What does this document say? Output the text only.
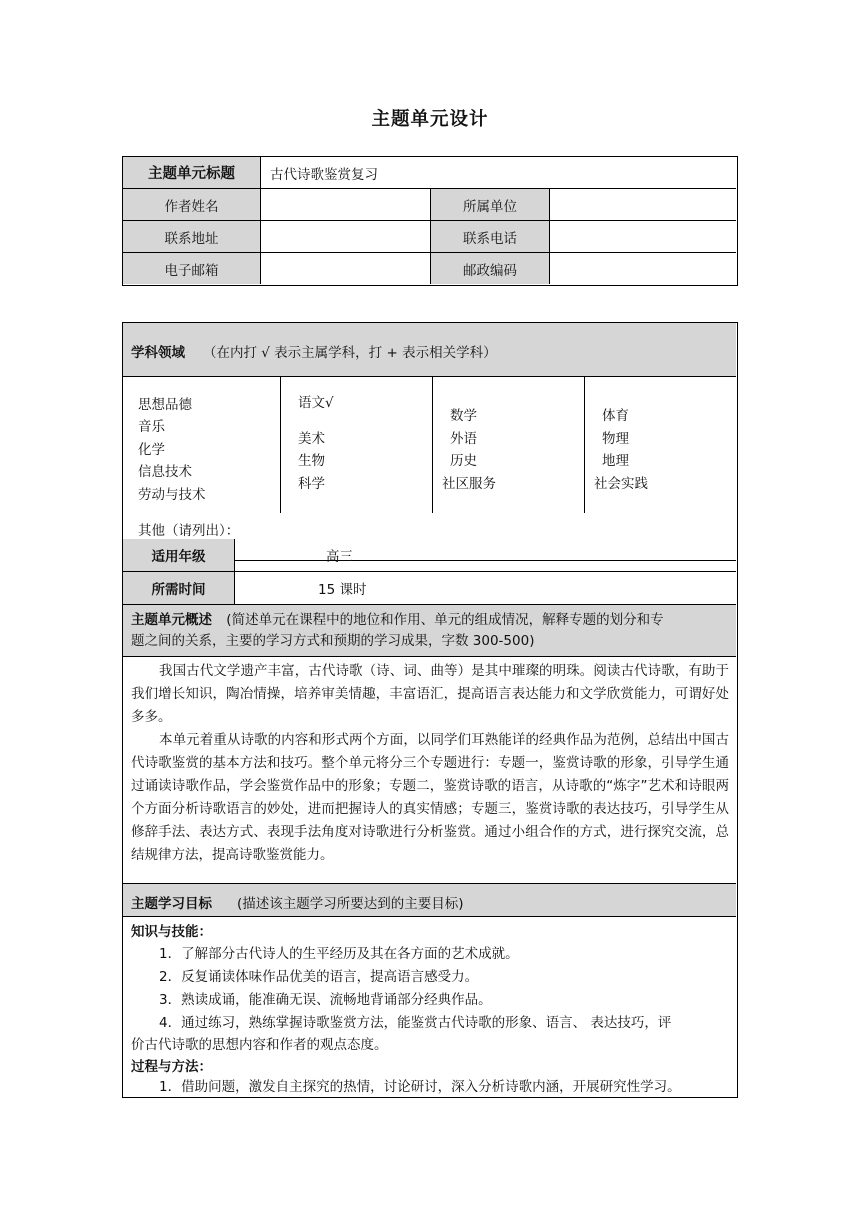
主题单元设计
主题单元标题	古代诗歌鉴赏复习
作者姓名	所属单位
联系地址	联系电话
电子邮箱	邮政编码
学科领域 （在内打 √ 表示主属学科，打 + 表示相关学科）
思想品德
音乐
化学
信息技术
劳动与技术
语文√
美术
生物
科学
数学
外语
历史
社区服务
体育
物理
地理
社会实践
其他（请列出）：
适用年级	高三
所需时间	15 课时
主题单元概述 (简述单元在课程中的地位和作用、单元的组成情况，解释专题的划分和专
题之间的关系，主要的学习方式和预期的学习成果，字数 300-500)
我国古代文学遗产丰富，古代诗歌（诗、词、曲等）是其中璀璨的明珠。阅读古代诗歌，有助于我们增长知识，陶冶情操，培养审美情趣，丰富语汇，提高语言表达能力和文学欣赏能力，可谓好处多多。
本单元着重从诗歌的内容和形式两个方面，以同学们耳熟能详的经典作品为范例，总结出中国古代诗歌鉴赏的基本方法和技巧。整个单元将分三个专题进行：专题一，鉴赏诗歌的形象，引导学生通过诵读诗歌作品，学会鉴赏作品中的形象；专题二，鉴赏诗歌的语言，从诗歌的“炼字”艺术和诗眼两个方面分析诗歌语言的妙处，进而把握诗人的真实情感；专题三，鉴赏诗歌的表达技巧，引导学生从修辞手法、表达方式、表现手法角度对诗歌进行分析鉴赏。通过小组合作的方式，进行探究交流，总结规律方法，提高诗歌鉴赏能力。
主题学习目标 (描述该主题学习所要达到的主要目标)
知识与技能：
1．了解部分古代诗人的生平经历及其在各方面的艺术成就。
2．反复诵读体味作品优美的语言，提高语言感受力。
3．熟读成诵，能准确无误、流畅地背诵部分经典作品。
4．通过练习，熟练掌握诗歌鉴赏方法，能鉴赏古代诗歌的形象、语言、 表达技巧，评
价古代诗歌的思想内容和作者的观点态度。
过程与方法：
1．借助问题，激发自主探究的热情，讨论研讨，深入分析诗歌内涵，开展研究性学习。
